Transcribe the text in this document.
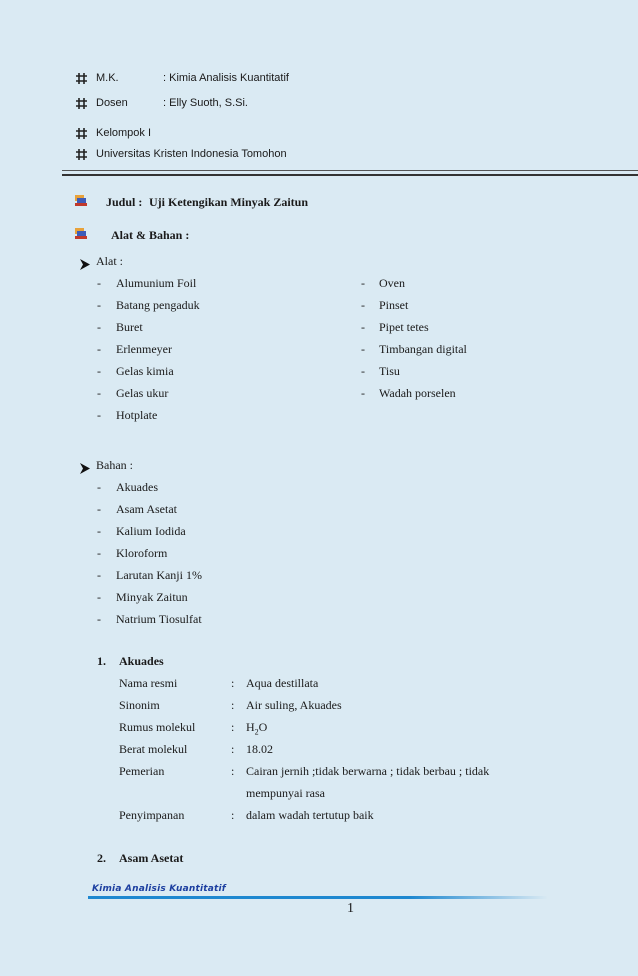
M.K.	: Kimia Analisis Kuantitatif
Dosen	: Elly Suoth, S.Si.
Kelompok I
Universitas Kristen Indonesia Tomohon
Judul : Uji Ketengikan Minyak Zaitun
Alat & Bahan :
Alat :
- Alumunium Foil
- Batang pengaduk
- Buret
- Erlenmeyer
- Gelas kimia
- Gelas ukur
- Hotplate
- Oven
- Pinset
- Pipet tetes
- Timbangan digital
- Tisu
- Wadah porselen
Bahan :
- Akuades
- Asam Asetat
- Kalium Iodida
- Kloroform
- Larutan Kanji 1%
- Minyak Zaitun
- Natrium Tiosulfat
1. Akuades
Nama resmi	: Aqua destillata
Sinonim	: Air suling, Akuades
Rumus molekul	: $H_2O$
Berat molekul	: 18.02
Pemerian	: Cairan jernih ;tidak berwarna ; tidak berbau ; tidak
mempunyai rasa
Penyimpanan	: dalam wadah tertutup baik
2. Asam Asetat
Kimia Analisis Kuantitatif
1
